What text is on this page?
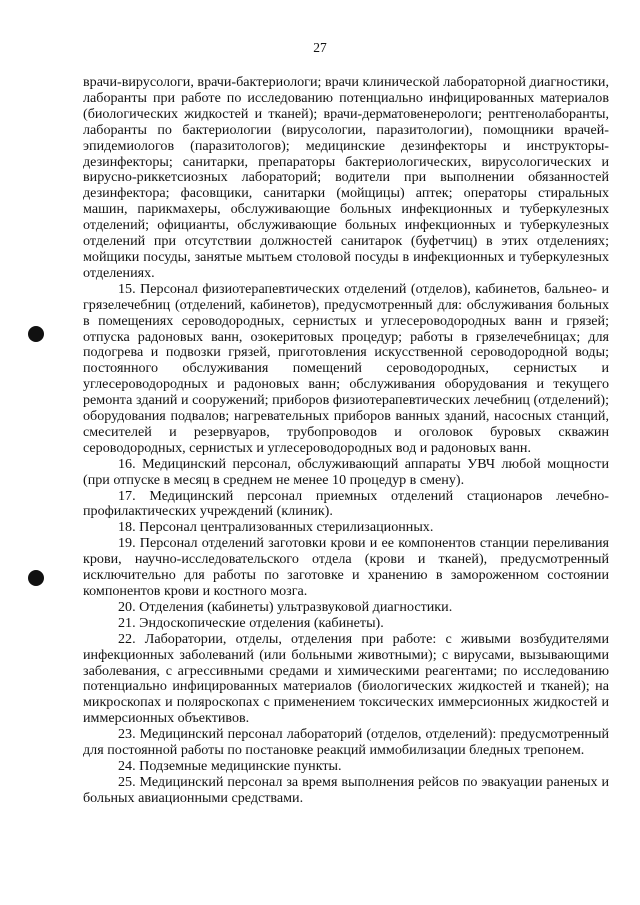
27

врачи-вирусологи, врачи-бактериологи; врачи клинической лабораторной диагностики, лаборанты при работе по исследованию потенциально инфицированных материалов (биологических жидкостей и тканей); врачи-дерматовенерологи; рентгенолаборанты, лаборанты по бактериологии (вирусологии, паразитологии), помощники врачей-эпидемиологов (паразитологов); медицинские дезинфекторы и инструкторы-дезинфекторы; санитарки, препараторы бактериологических, вирусологических и вирусно-риккетсиозных лабораторий; водители при выполнении обязанностей дезинфектора; фасовщики, санитарки (мойщицы) аптек; операторы стиральных машин, парикмахеры, обслуживающие больных инфекционных и туберкулезных отделений; официанты, обслуживающие больных инфекционных и туберкулезных отделений при отсутствии должностей санитарок (буфетчиц) в этих отделениях; мойщики посуды, занятые мытьем столовой посуды в инфекционных и туберкулезных отделениях.

15. Персонал физиотерапевтических отделений (отделов), кабинетов, бальнео- и грязелечебниц (отделений, кабинетов), предусмотренный для: обслуживания больных в помещениях сероводородных, сернистых и углесероводородных ванн и грязей; отпуска радоновых ванн, озокеритовых процедур; работы в грязелечебницах; для подогрева и подвозки грязей, приготовления искусственной сероводородной воды; постоянного обслуживания помещений сероводородных, сернистых и углесероводородных и радоновых ванн; обслуживания оборудования и текущего ремонта зданий и сооружений; приборов физиотерапевтических лечебниц (отделений); оборудования подвалов; нагревательных приборов ванных зданий, насосных станций, смесителей и резервуаров, трубопроводов и оголовок буровых скважин сероводородных, сернистых и углесероводородных вод и радоновых ванн.

16. Медицинский персонал, обслуживающий аппараты УВЧ любой мощности (при отпуске в месяц в среднем не менее 10 процедур в смену).

17. Медицинский персонал приемных отделений стационаров лечебно-профилактических учреждений (клиник).

18. Персонал централизованных стерилизационных.

19. Персонал отделений заготовки крови и ее компонентов станции переливания крови, научно-исследовательского отдела (крови и тканей), предусмотренный исключительно для работы по заготовке и хранению в замороженном состоянии компонентов крови и костного мозга.

20. Отделения (кабинеты) ультразвуковой диагностики.

21. Эндоскопические отделения (кабинеты).

22. Лаборатории, отделы, отделения при работе: с живыми возбудителями инфекционных заболеваний (или больными животными); с вирусами, вызывающими заболевания, с агрессивными средами и химическими реагентами; по исследованию потенциально инфицированных материалов (биологических жидкостей и тканей); на микроскопах и поляроскопах с применением токсических иммерсионных жидкостей и иммерсионных объективов.

23. Медицинский персонал лабораторий (отделов, отделений): предусмотренный для постоянной работы по постановке реакций иммобилизации бледных трепонем.

24. Подземные медицинские пункты.

25. Медицинский персонал за время выполнения рейсов по эвакуации раненых и больных авиационными средствами.
